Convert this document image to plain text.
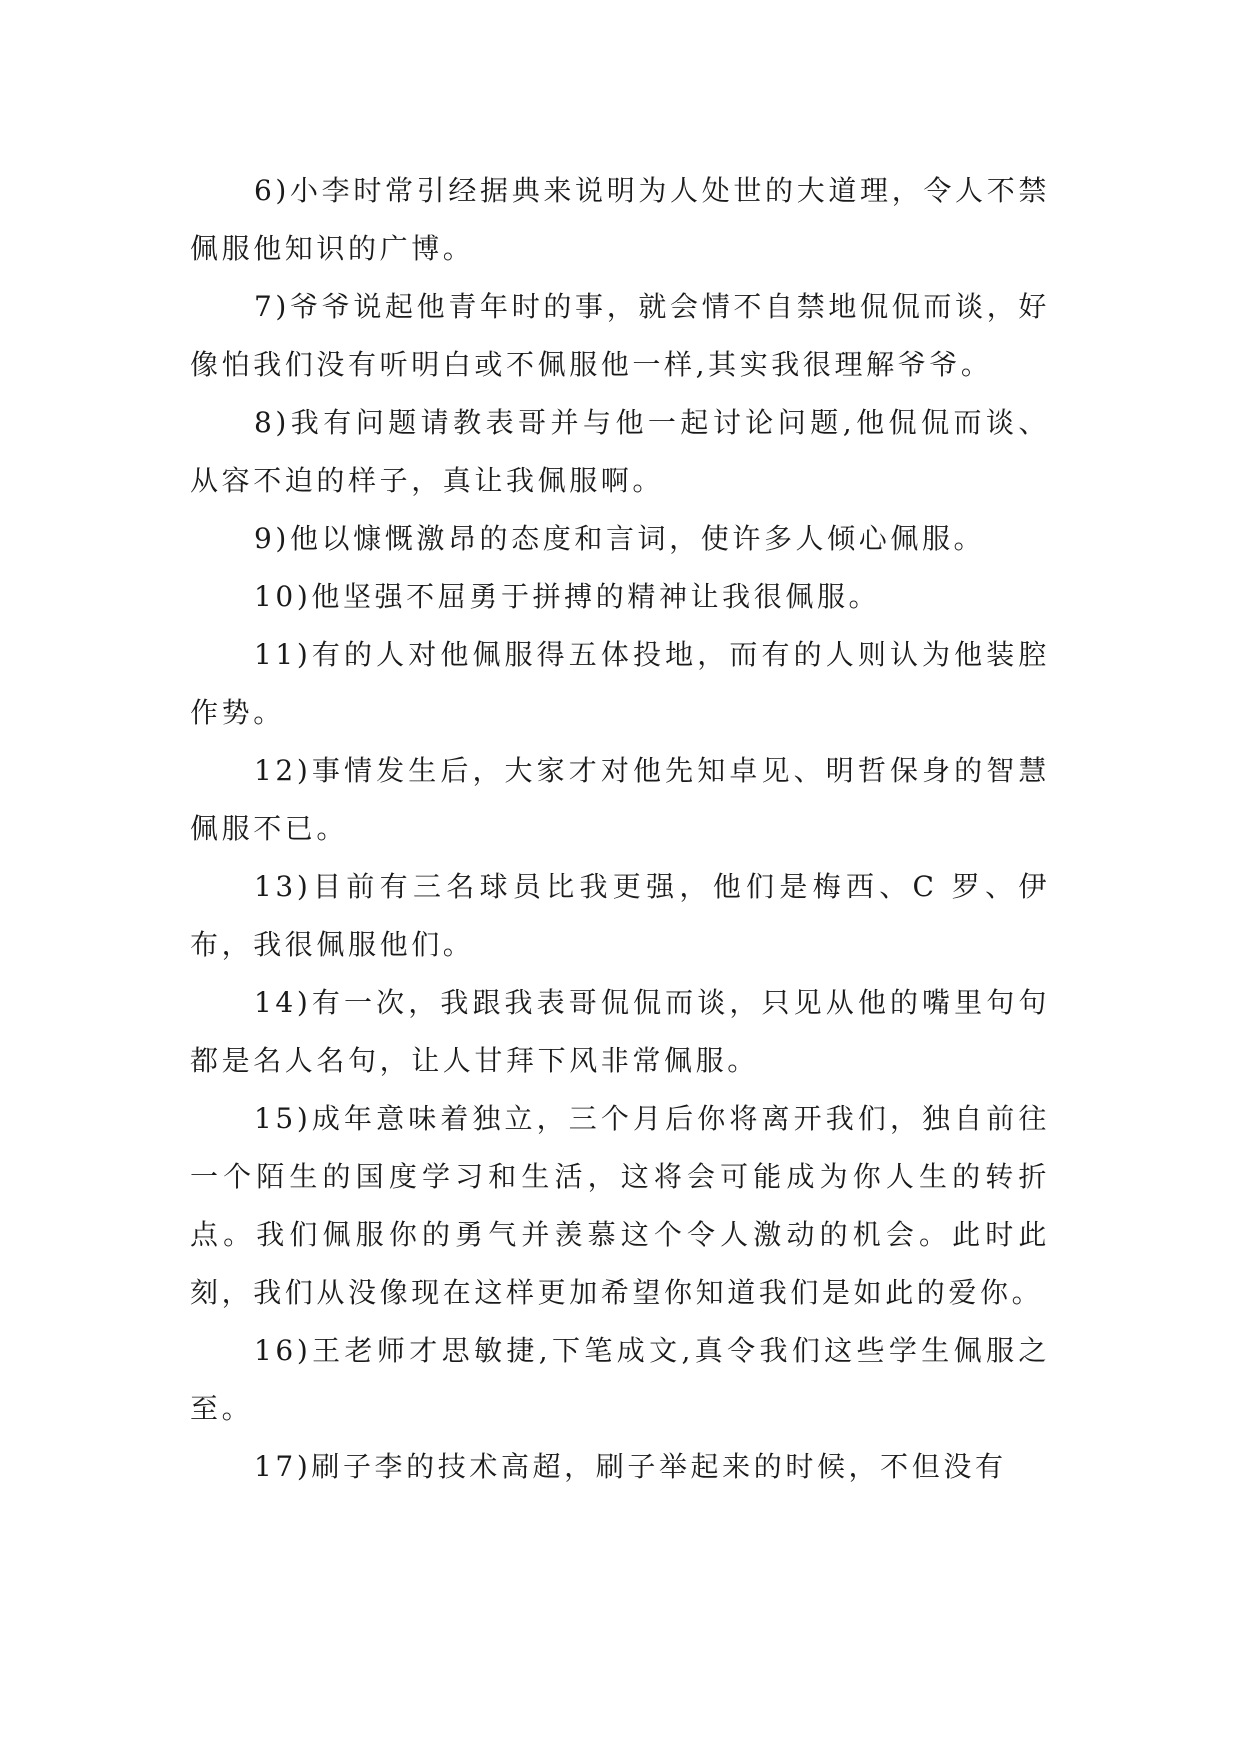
6)小李时常引经据典来说明为人处世的大道理，令人不禁佩服他知识的广博。

7)爷爷说起他青年时的事，就会情不自禁地侃侃而谈，好像怕我们没有听明白或不佩服他一样,其实我很理解爷爷。

8)我有问题请教表哥并与他一起讨论问题,他侃侃而谈、从容不迫的样子，真让我佩服啊。

9)他以慷慨激昂的态度和言词，使许多人倾心佩服。

10)他坚强不屈勇于拼搏的精神让我很佩服。

11)有的人对他佩服得五体投地，而有的人则认为他装腔作势。

12)事情发生后，大家才对他先知卓见、明哲保身的智慧佩服不已。

13)目前有三名球员比我更强，他们是梅西、C 罗、伊布，我很佩服他们。

14)有一次，我跟我表哥侃侃而谈，只见从他的嘴里句句都是名人名句，让人甘拜下风非常佩服。

15)成年意味着独立，三个月后你将离开我们，独自前往一个陌生的国度学习和生活，这将会可能成为你人生的转折点。我们佩服你的勇气并羡慕这个令人激动的机会。此时此刻，我们从没像现在这样更加希望你知道我们是如此的爱你。

16)王老师才思敏捷,下笔成文,真令我们这些学生佩服之至。

17)刷子李的技术高超，刷子举起来的时候，不但没有
